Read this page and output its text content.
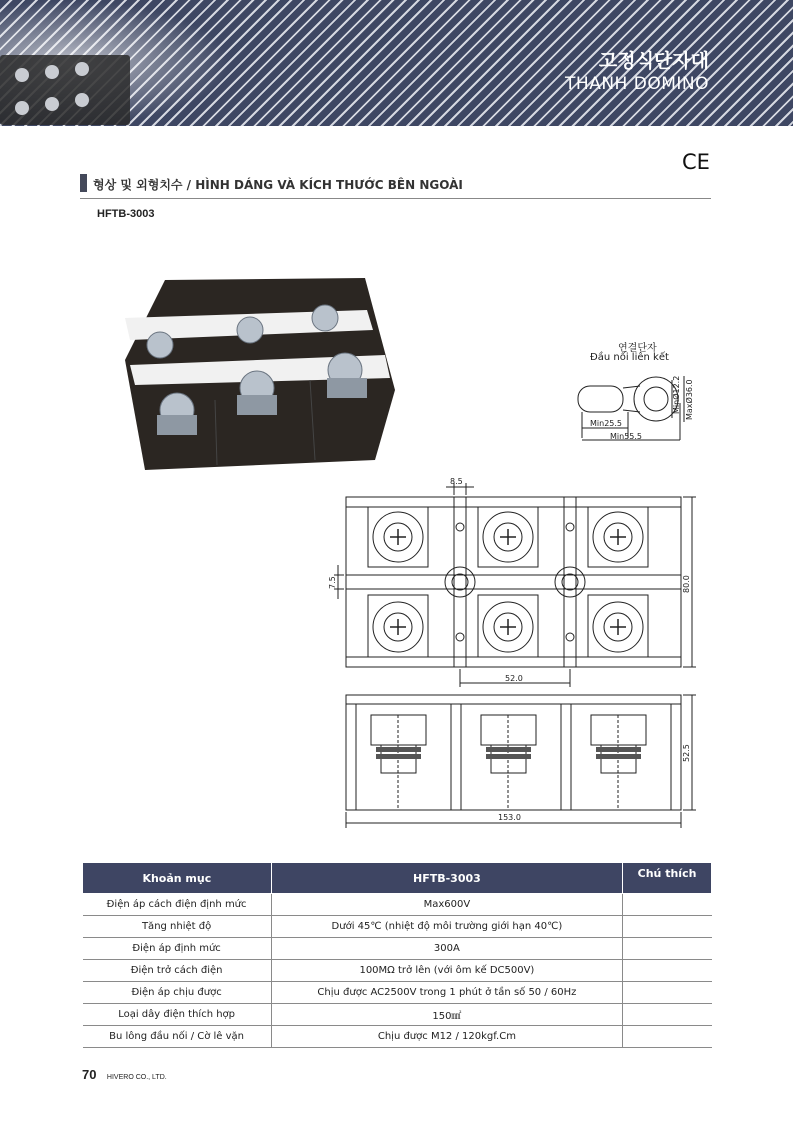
고정식단자대
THANH DOMINO
CE
형상 및 외형치수 / HÌNH DÁNG VÀ KÍCH THƯỚC BÊN NGOÀI
HFTB-3003
연결단자
Đầu nối liên kết
Min25.5
Min55.5
MinØ12.2 MaxØ36.0
8.5
52.0
7.5	80.0
153.0
52.5
Khoản mục	HFTB-3003	Chú thích
Điện áp cách điện định mức	Max600V	
Tăng nhiệt độ	Dưới 45℃ (nhiệt độ môi trường giới hạn 40℃)	
Điện áp định mức	300A	
Điện trở cách điện	100MΩ trở lên (với ôm kế DC500V)	
Điện áp chịu được	Chịu được AC2500V trong 1 phút ở tần số 50 / 60Hz	
Loại dây điện thích hợp	150㎟	
Bu lông đầu nối / Cờ lê vặn	Chịu được M12 / 120kgf.Cm	
70 HIVERO CO., LTD.
